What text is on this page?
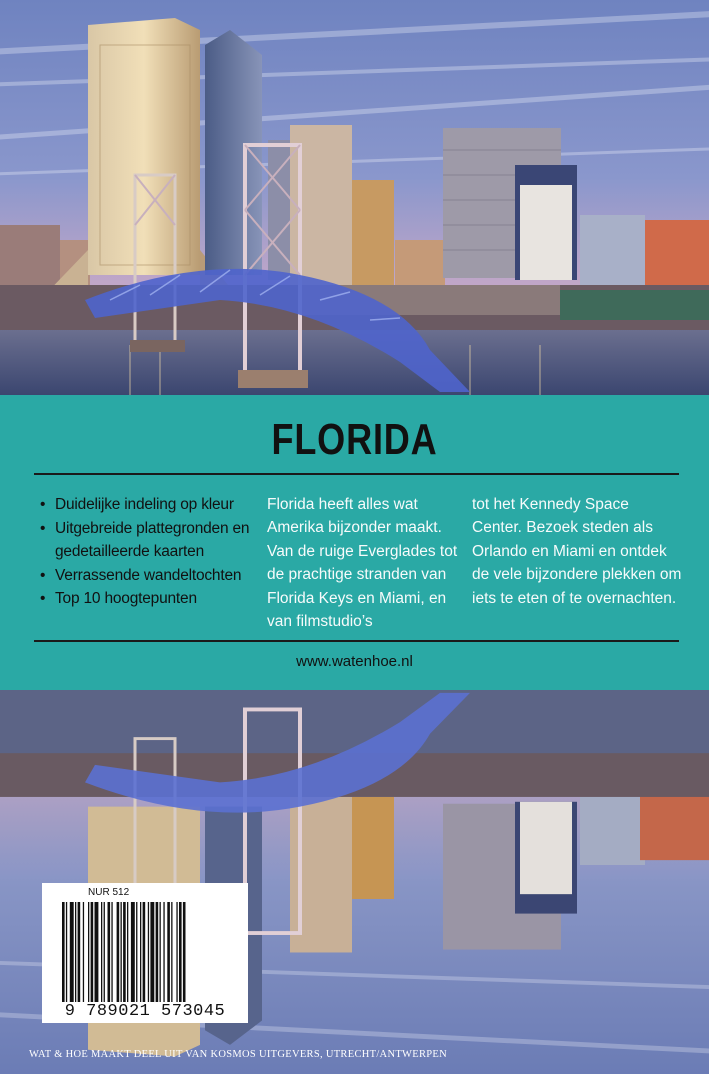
FLORIDA
• Duidelijke indeling op kleur
• Uitgebreide plattegronden en gedetailleerde kaarten
• Verrassende wandeltochten
• Top 10 hoogtepunten

Florida heeft alles wat Amerika bijzonder maakt. Van de ruige Everglades tot de prachtige stranden van Florida Keys en Miami, en van filmstudio’s

tot het Kennedy Space Center. Bezoek steden als Orlando en Miami en ontdek de vele bijzondere plekken om iets te eten of te overnachten.

www.watenhoe.nl
NUR 512
9 789021 573045
WAT & HOE MAAKT DEEL UIT VAN KOSMOS UITGEVERS, UTRECHT/ANTWERPEN
